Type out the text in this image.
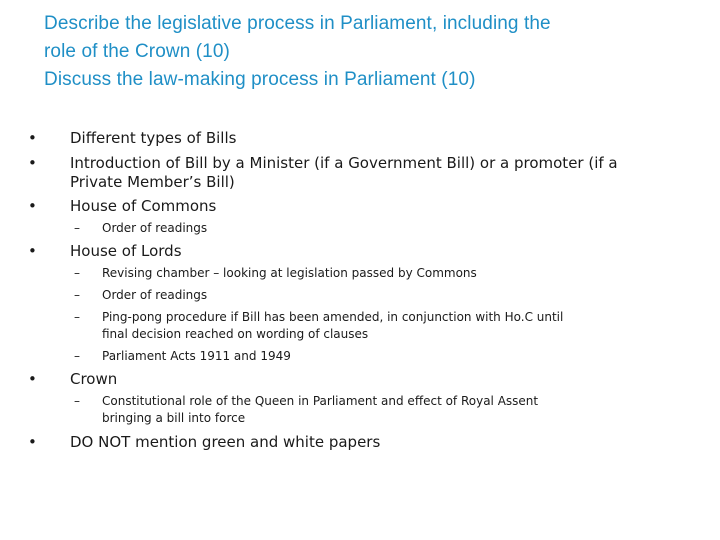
Describe the legislative process in Parliament, including the
role of the Crown (10)
Discuss the law-making process in Parliament (10)
• Different types of Bills
• Introduction of Bill by a Minister (if a Government Bill) or a promoter (if a
Private Member’s Bill)
• House of Commons
– Order of readings
• House of Lords
– Revising chamber – looking at legislation passed by Commons
– Order of readings
– Ping-pong procedure if Bill has been amended, in conjunction with Ho.C until
final decision reached on wording of clauses
– Parliament Acts 1911 and 1949
• Crown
– Constitutional role of the Queen in Parliament and effect of Royal Assent
bringing a bill into force
• DO NOT mention green and white papers
